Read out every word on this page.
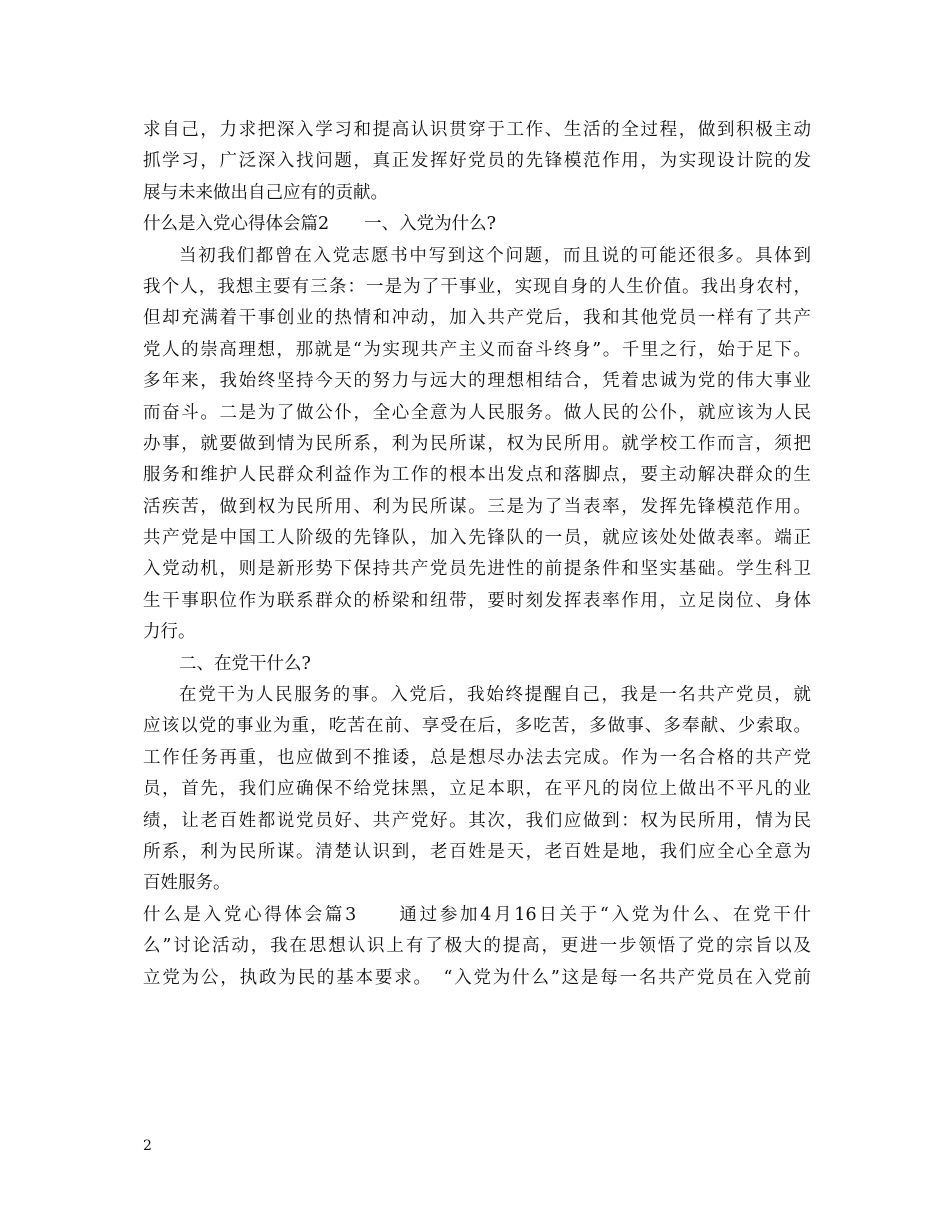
求自己，力求把深入学习和提高认识贯穿于工作、生活的全过程，做到积极主动
抓学习，广泛深入找问题，真正发挥好党员的先锋模范作用，为实现设计院的发
展与未来做出自己应有的贡献。
什么是入党心得体会篇2　　一、入党为什么?
当初我们都曾在入党志愿书中写到这个问题，而且说的可能还很多。具体到
我个人，我想主要有三条：一是为了干事业，实现自身的人生价值。我出身农村，
但却充满着干事创业的热情和冲动，加入共产党后，我和其他党员一样有了共产
党人的崇高理想，那就是“为实现共产主义而奋斗终身”。千里之行，始于足下。
多年来，我始终坚持今天的努力与远大的理想相结合，凭着忠诚为党的伟大事业
而奋斗。二是为了做公仆，全心全意为人民服务。做人民的公仆，就应该为人民
办事，就要做到情为民所系，利为民所谋，权为民所用。就学校工作而言，须把
服务和维护人民群众利益作为工作的根本出发点和落脚点，要主动解决群众的生
活疾苦，做到权为民所用、利为民所谋。三是为了当表率，发挥先锋模范作用。
共产党是中国工人阶级的先锋队，加入先锋队的一员，就应该处处做表率。端正
入党动机，则是新形势下保持共产党员先进性的前提条件和坚实基础。学生科卫
生干事职位作为联系群众的桥梁和纽带，要时刻发挥表率作用，立足岗位、身体
力行。
二、在党干什么?
在党干为人民服务的事。入党后，我始终提醒自己，我是一名共产党员，就
应该以党的事业为重，吃苦在前、享受在后，多吃苦，多做事、多奉献、少索取。
工作任务再重，也应做到不推诿，总是想尽办法去完成。作为一名合格的共产党
员，首先，我们应确保不给党抹黑，立足本职，在平凡的岗位上做出不平凡的业
绩，让老百姓都说党员好、共产党好。其次，我们应做到：权为民所用，情为民
所系，利为民所谋。清楚认识到，老百姓是天，老百姓是地，我们应全心全意为
百姓服务。
什么是入党心得体会篇3　　通过参加4月16日关于“入党为什么、在党干什
么”讨论活动，我在思想认识上有了极大的提高，更进一步领悟了党的宗旨以及
立党为公，执政为民的基本要求。　“入党为什么”这是每一名共产党员在入党前
2
